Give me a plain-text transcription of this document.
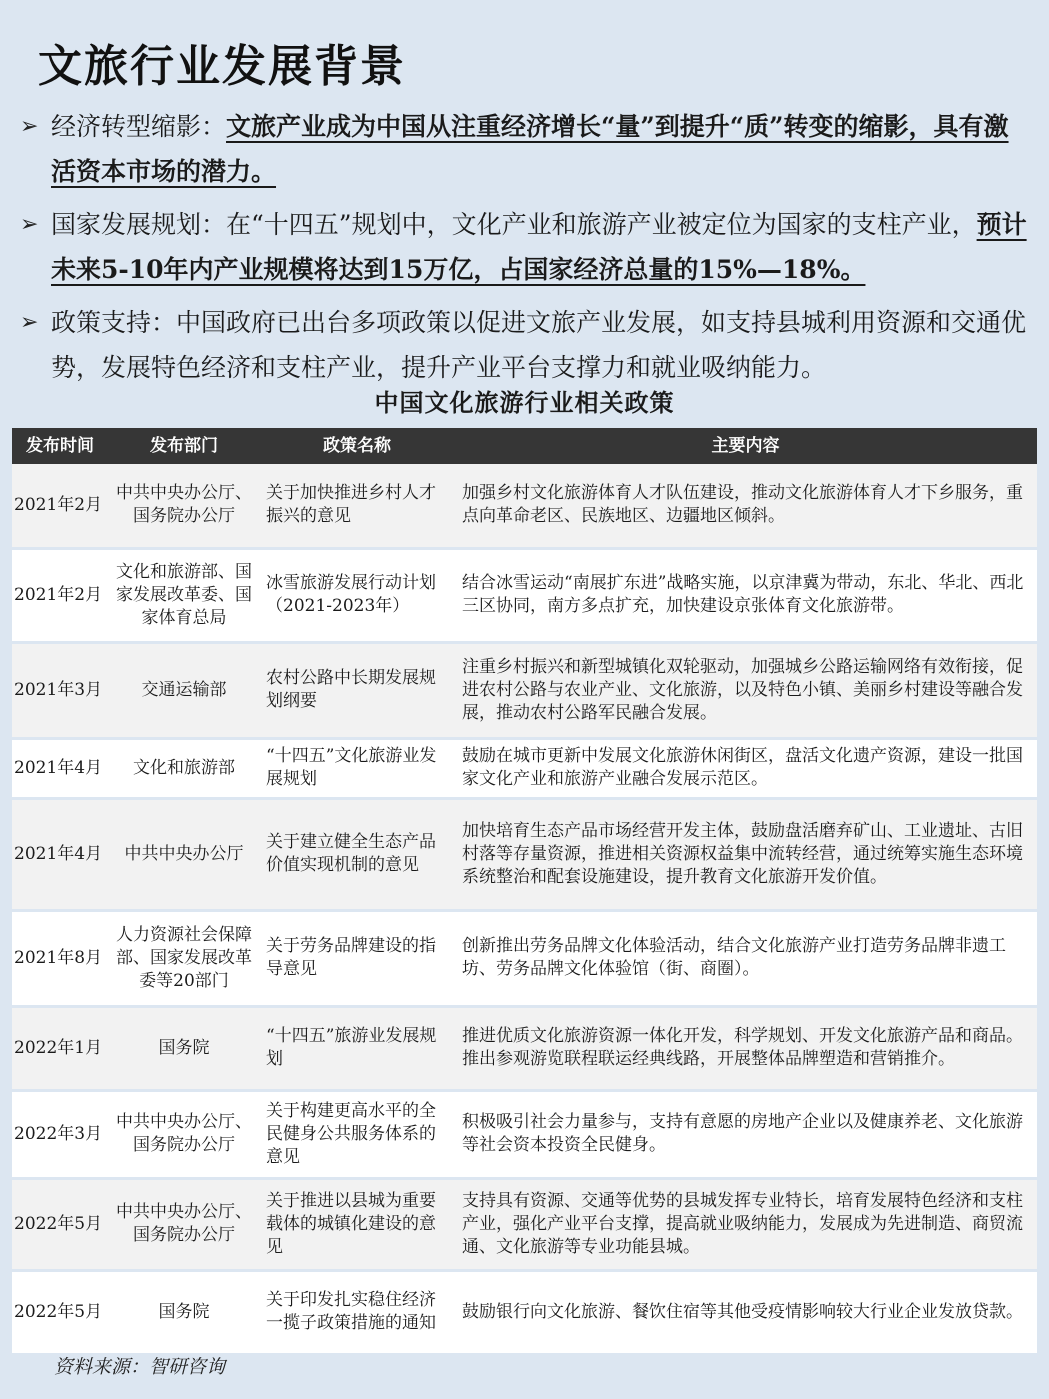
文旅行业发展背景
➢ 经济转型缩影：文旅产业成为中国从注重经济增长“量”到提升“质”转变的缩影，具有激活资本市场的潜力。
➢ 国家发展规划：在“十四五”规划中，文化产业和旅游产业被定位为国家的支柱产业，预计未来5-10年内产业规模将达到15万亿，占国家经济总量的15%—18%。
➢ 政策支持：中国政府已出台多项政策以促进文旅产业发展，如支持县城利用资源和交通优势，发展特色经济和支柱产业，提升产业平台支撑力和就业吸纳能力。
中国文化旅游行业相关政策
发布时间	发布部门	政策名称	主要内容
2021年2月	中共中央办公厅、国务院办公厅	关于加快推进乡村人才振兴的意见	加强乡村文化旅游体育人才队伍建设，推动文化旅游体育人才下乡服务，重点向革命老区、民族地区、边疆地区倾斜。
2021年2月	文化和旅游部、国家发展改革委、国家体育总局	冰雪旅游发展行动计划（2021-2023年）	结合冰雪运动“南展扩东进”战略实施，以京津冀为带动，东北、华北、西北三区协同，南方多点扩充，加快建设京张体育文化旅游带。
2021年3月	交通运输部	农村公路中长期发展规划纲要	注重乡村振兴和新型城镇化双轮驱动，加强城乡公路运输网络有效衔接，促进农村公路与农业产业、文化旅游，以及特色小镇、美丽乡村建设等融合发展，推动农村公路军民融合发展。
2021年4月	文化和旅游部	“十四五”文化旅游业发展规划	鼓励在城市更新中发展文化旅游休闲街区，盘活文化遗产资源，建设一批国家文化产业和旅游产业融合发展示范区。
2021年4月	中共中央办公厅	关于建立健全生态产品价值实现机制的意见	加快培育生态产品市场经营开发主体，鼓励盘活磨弃矿山、工业遗址、古旧村落等存量资源，推进相关资源权益集中流转经营，通过统筹实施生态环境系统整治和配套设施建设，提升教育文化旅游开发价值。
2021年8月	人力资源社会保障部、国家发展改革委等20部门	关于劳务品牌建设的指导意见	创新推出劳务品牌文化体验活动，结合文化旅游产业打造劳务品牌非遗工坊、劳务品牌文化体验馆（街、商圈）。
2022年1月	国务院	“十四五”旅游业发展规划	推进优质文化旅游资源一体化开发，科学规划、开发文化旅游产品和商品。推出参观游览联程联运经典线路，开展整体品牌塑造和营销推介。
2022年3月	中共中央办公厅、国务院办公厅	关于构建更高水平的全民健身公共服务体系的意见	积极吸引社会力量参与，支持有意愿的房地产企业以及健康养老、文化旅游等社会资本投资全民健身。
2022年5月	中共中央办公厅、国务院办公厅	关于推进以县城为重要载体的城镇化建设的意见	支持具有资源、交通等优势的县城发挥专业特长，培育发展特色经济和支柱产业，强化产业平台支撑，提高就业吸纳能力，发展成为先进制造、商贸流通、文化旅游等专业功能县城。
2022年5月	国务院	关于印发扎实稳住经济一揽子政策措施的通知	鼓励银行向文化旅游、餐饮住宿等其他受疫情影响较大行业企业发放贷款。
资料来源：智研咨询
